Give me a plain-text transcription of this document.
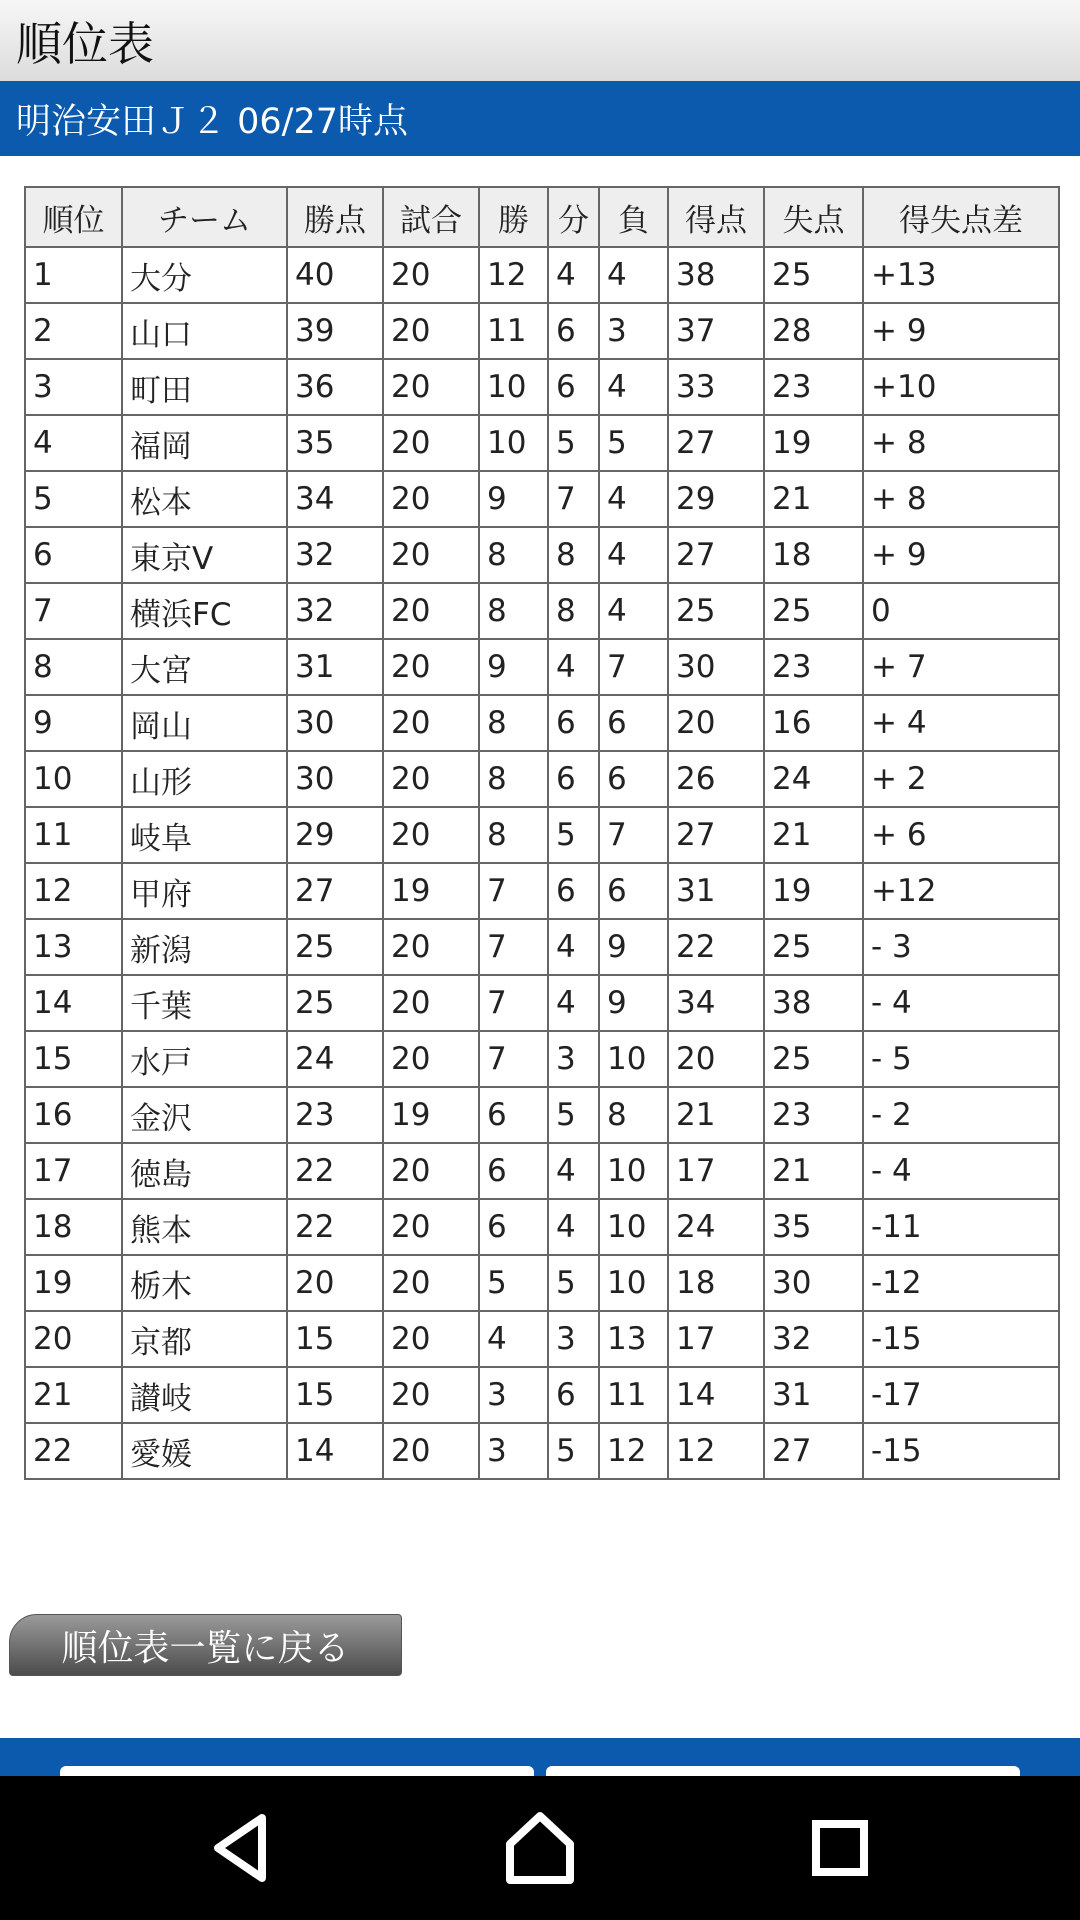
順位表
明治安田Ｊ２ 06/27時点
順位	チーム	勝点	試合	勝	分	負	得点	失点	得失点差
1	大分	40	20	12	4	4	38	25	+13
2	山口	39	20	11	6	3	37	28	+ 9
3	町田	36	20	10	6	4	33	23	+10
4	福岡	35	20	10	5	5	27	19	+ 8
5	松本	34	20	9	7	4	29	21	+ 8
6	東京V	32	20	8	8	4	27	18	+ 9
7	横浜FC	32	20	8	8	4	25	25	0
8	大宮	31	20	9	4	7	30	23	+ 7
9	岡山	30	20	8	6	6	20	16	+ 4
10	山形	30	20	8	6	6	26	24	+ 2
11	岐阜	29	20	8	5	7	27	21	+ 6
12	甲府	27	19	7	6	6	31	19	+12
13	新潟	25	20	7	4	9	22	25	- 3
14	千葉	25	20	7	4	9	34	38	- 4
15	水戸	24	20	7	3	10	20	25	- 5
16	金沢	23	19	6	5	8	21	23	- 2
17	徳島	22	20	6	4	10	17	21	- 4
18	熊本	22	20	6	4	10	24	35	-11
19	栃木	20	20	5	5	10	18	30	-12
20	京都	15	20	4	3	13	17	32	-15
21	讃岐	15	20	3	6	11	14	31	-17
22	愛媛	14	20	3	5	12	12	27	-15
順位表一覧に戻る
